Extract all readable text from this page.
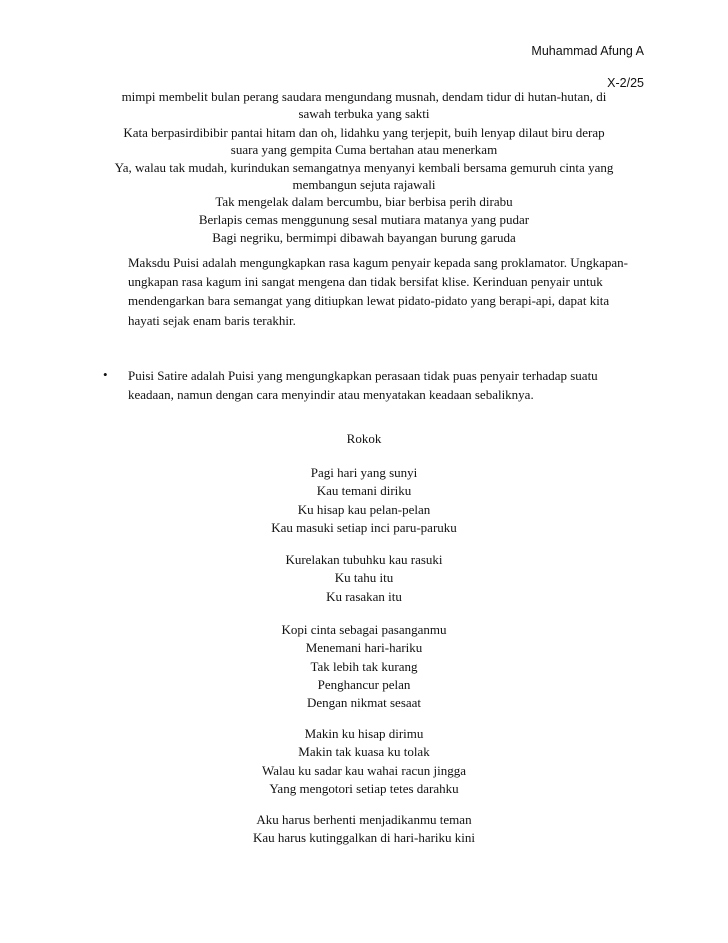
Muhammad Afung A
X-2/25
mimpi membelit bulan perang saudara mengundang musnah, dendam tidur di hutan-hutan, di
sawah terbuka yang sakti
Kata berpasirdibibir pantai hitam dan oh, lidahku yang terjepit, buih lenyap dilaut biru derap
suara yang gempita Cuma bertahan atau menerkam
Ya, walau tak mudah, kurindukan semangatnya menyanyi kembali bersama gemuruh cinta yang
membangun sejuta rajawali
Tak mengelak dalam bercumbu, biar berbisa perih dirabu
Berlapis cemas menggunung sesal mutiara matanya yang pudar
Bagi negriku, bermimpi dibawah bayangan burung garuda
Maksdu Puisi adalah mengungkapkan rasa kagum penyair kepada sang proklamator. Ungkapan-
ungkapan rasa kagum ini sangat mengena dan tidak bersifat klise. Kerinduan penyair untuk
mendengarkan bara semangat yang ditiupkan lewat pidato-pidato yang berapi-api, dapat kita
hayati sejak enam baris terakhir.
• Puisi Satire adalah Puisi yang mengungkapkan perasaan tidak puas penyair terhadap suatu
keadaan, namun dengan cara menyindir atau menyatakan keadaan sebaliknya.
Rokok
Pagi hari yang sunyi
Kau temani diriku
Ku hisap kau pelan-pelan
Kau masuki setiap inci paru-paruku
Kurelakan tubuhku kau rasuki
Ku tahu itu
Ku rasakan itu
Kopi cinta sebagai pasanganmu
Menemani hari-hariku
Tak lebih tak kurang
Penghancur pelan
Dengan nikmat sesaat
Makin ku hisap dirimu
Makin tak kuasa ku tolak
Walau ku sadar kau wahai racun jingga
Yang mengotori setiap tetes darahku
Aku harus berhenti menjadikanmu teman
Kau harus kutinggalkan di hari-hariku kini
